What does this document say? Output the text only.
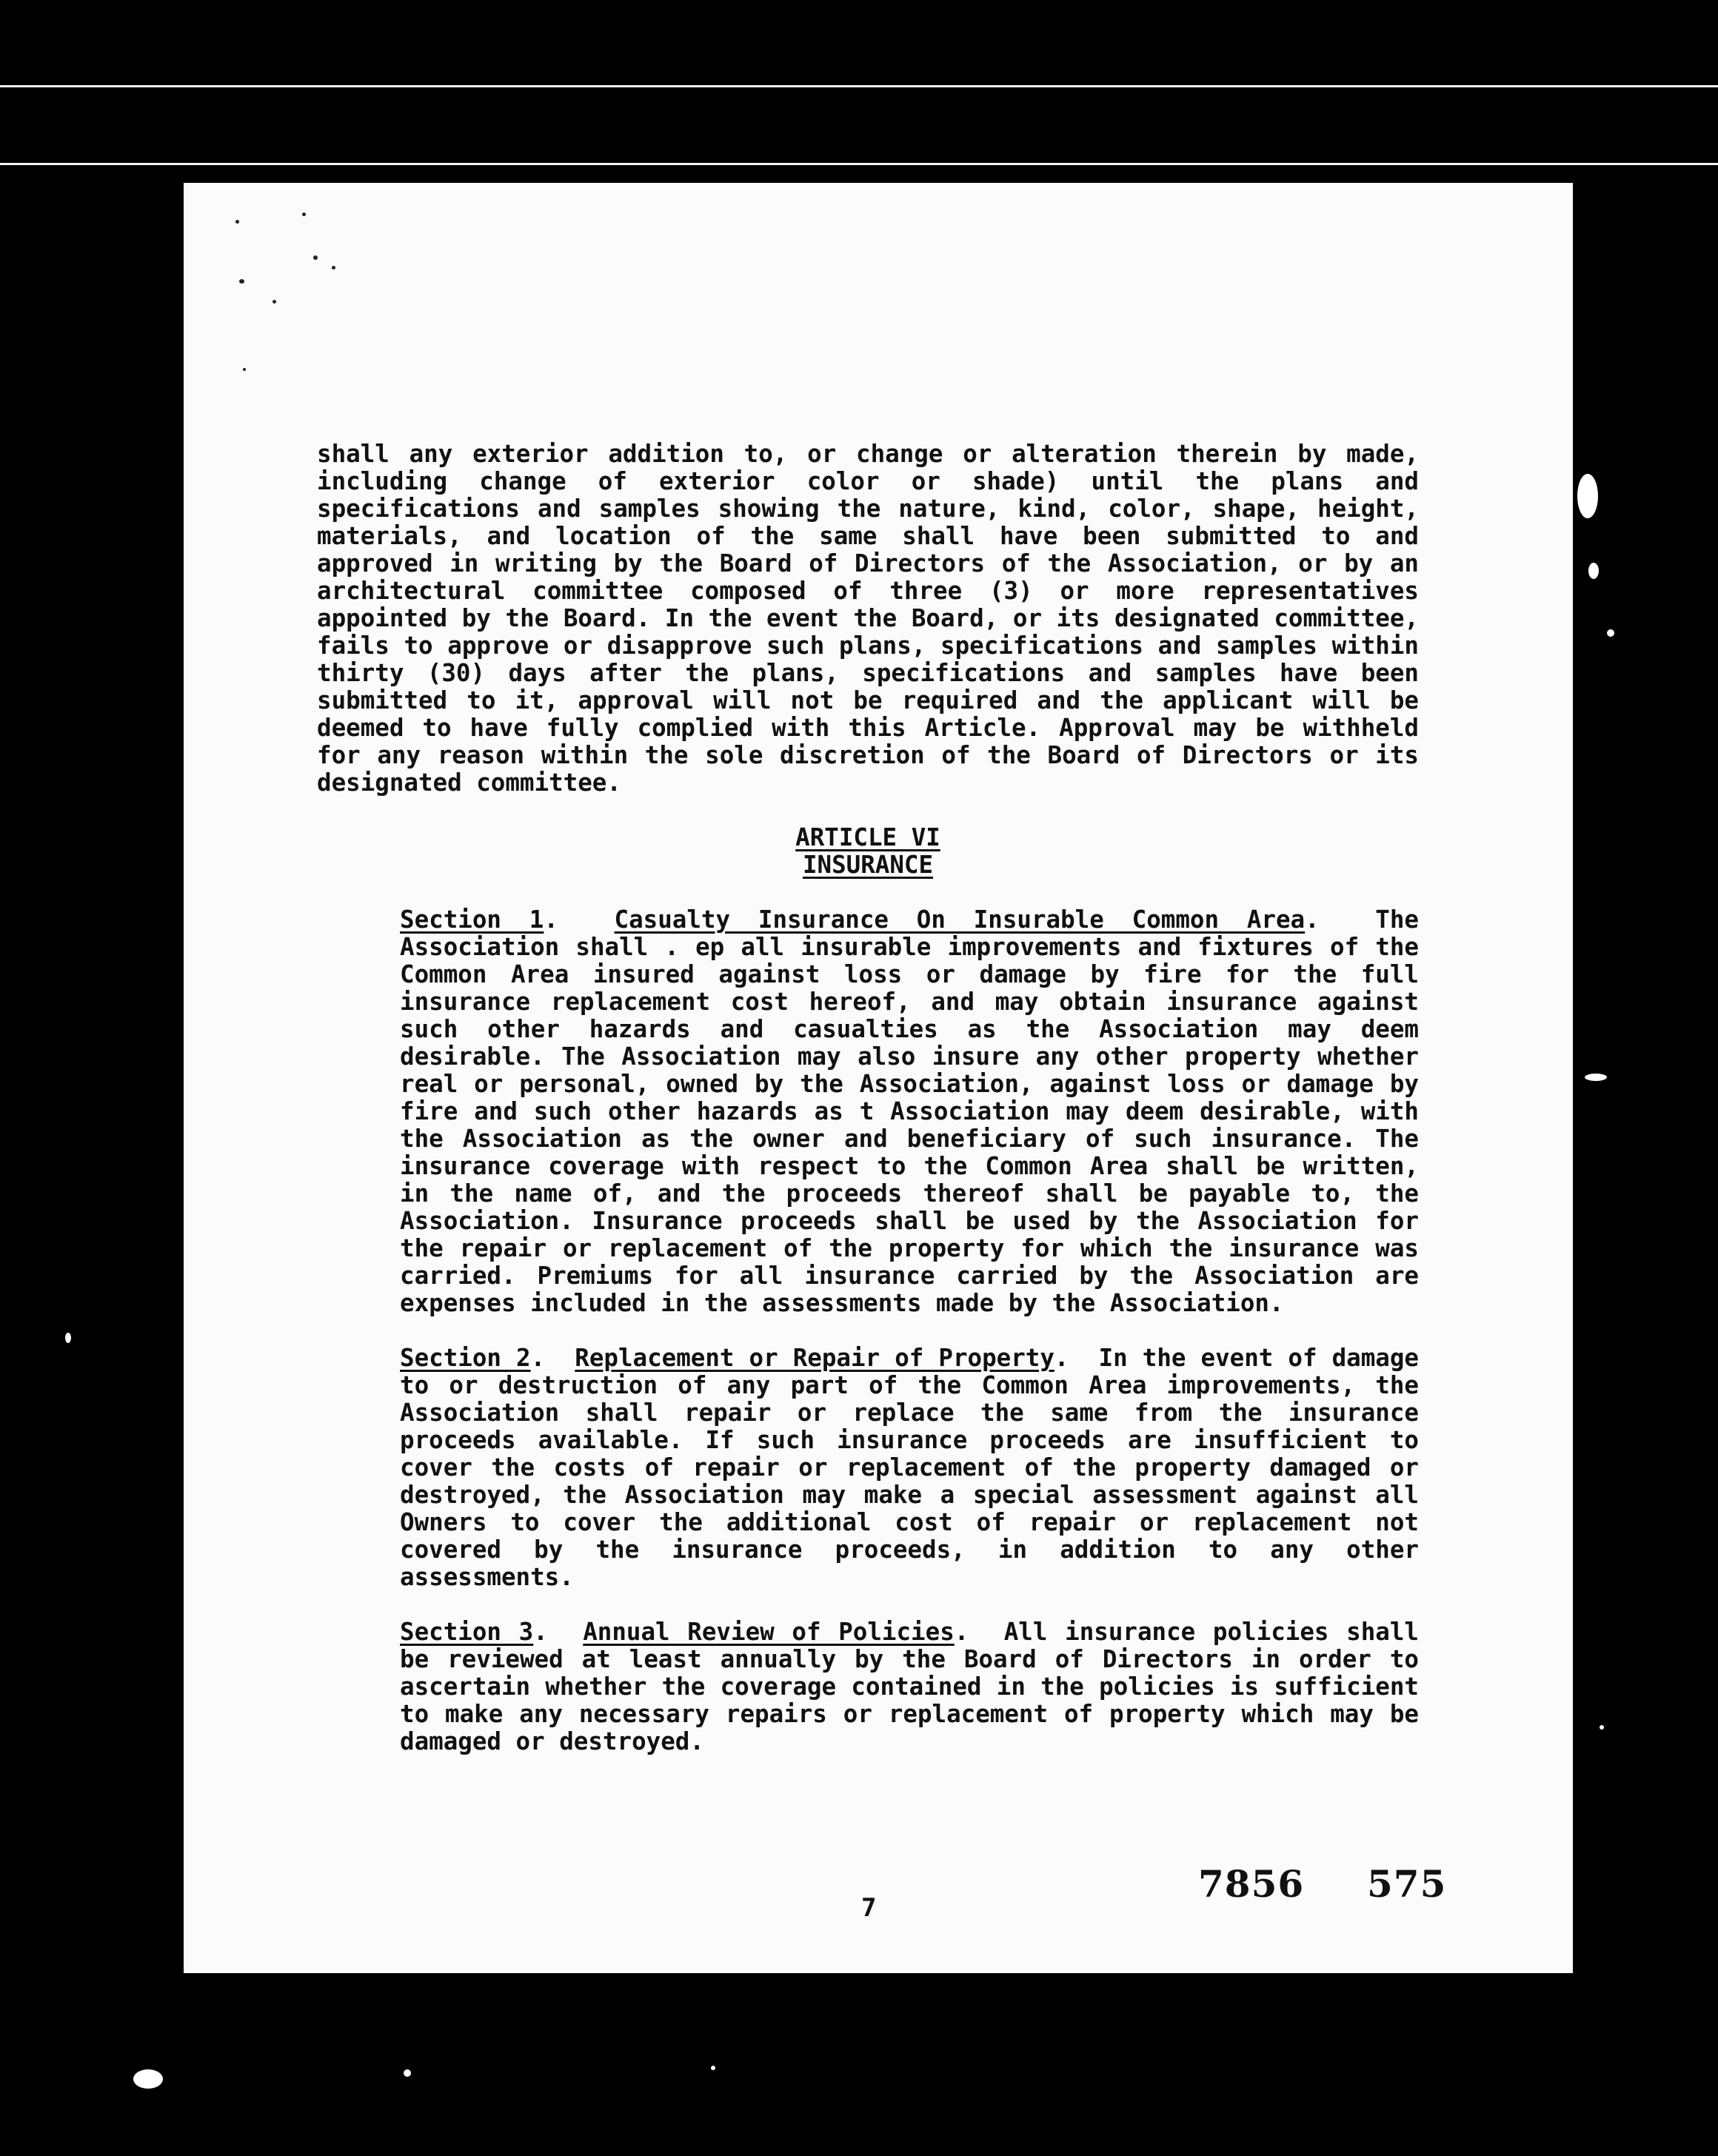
shall any exterior addition to, or change or alteration therein by made, including change of exterior color or shade) until the plans and specifications and samples showing the nature, kind, color, shape, height, materials, and location of the same shall have been submitted to and approved in writing by the Board of Directors of the Association, or by an architectural committee composed of three (3) or more representatives appointed by the Board. In the event the Board, or its designated committee, fails to approve or disapprove such plans, specifications and samples within thirty (30) days after the plans, specifications and samples have been submitted to it, approval will not be required and the applicant will be deemed to have fully complied with this Article. Approval may be withheld for any reason within the sole discretion of the Board of Directors or its designated committee.

ARTICLE VI

INSURANCE

Section 1.  Casualty Insurance On Insurable Common Area.  The Association shall . ep all insurable improvements and fixtures of the Common Area insured against loss or damage by fire for the full insurance replacement cost hereof, and may obtain insurance against such other hazards and casualties as the Association may deem desirable. The Association may also insure any other property whether real or personal, owned by the Association, against loss or damage by fire and such other hazards as t Association may deem desirable, with the Association as the owner and beneficiary of such insurance. The insurance coverage with respect to the Common Area shall be written, in the name of, and the proceeds thereof shall be payable to, the Association. Insurance proceeds shall be used by the Association for the repair or replacement of the property for which the insurance was carried. Premiums for all insurance carried by the Association are expenses included in the assessments made by the Association.

Section 2.  Replacement or Repair of Property.  In the event of damage to or destruction of any part of the Common Area improvements, the Association shall repair or replace the same from the insurance proceeds available. If such insurance proceeds are insufficient to cover the costs of repair or replacement of the property damaged or destroyed, the Association may make a special assessment against all Owners to cover the additional cost of repair or replacement not covered by the insurance proceeds, in addition to any other assessments.

Section 3.  Annual Review of Policies.  All insurance policies shall be reviewed at least annually by the Board of Directors in order to ascertain whether the coverage contained in the policies is sufficient to make any necessary repairs or replacement of property which may be damaged or destroyed.

7
7856 575
